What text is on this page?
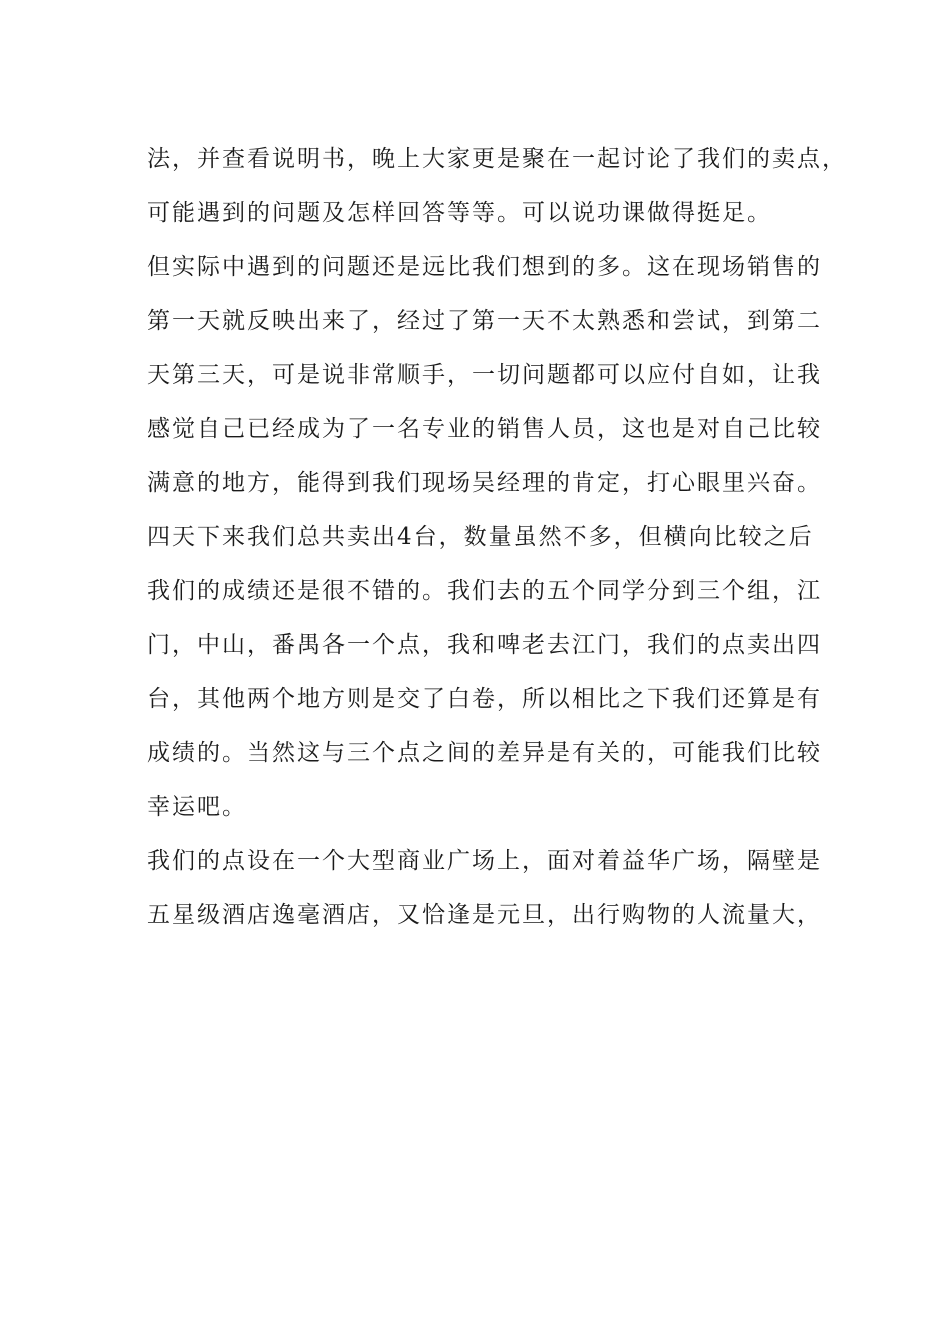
法，并查看说明书，晚上大家更是聚在一起讨论了我们的卖点，
可能遇到的问题及怎样回答等等。可以说功课做得挺足。
但实际中遇到的问题还是远比我们想到的多。这在现场销售的
第一天就反映出来了，经过了第一天不太熟悉和尝试，到第二
天第三天，可是说非常顺手，一切问题都可以应付自如，让我
感觉自己已经成为了一名专业的销售人员，这也是对自己比较
满意的地方，能得到我们现场吴经理的肯定，打心眼里兴奋。
四天下来我们总共卖出4台，数量虽然不多，但横向比较之后
我们的成绩还是很不错的。我们去的五个同学分到三个组，江
门，中山，番禺各一个点，我和啤老去江门，我们的点卖出四
台，其他两个地方则是交了白卷，所以相比之下我们还算是有
成绩的。当然这与三个点之间的差异是有关的，可能我们比较
幸运吧。
我们的点设在一个大型商业广场上，面对着益华广场，隔壁是
五星级酒店逸毫酒店，又恰逢是元旦，出行购物的人流量大，
